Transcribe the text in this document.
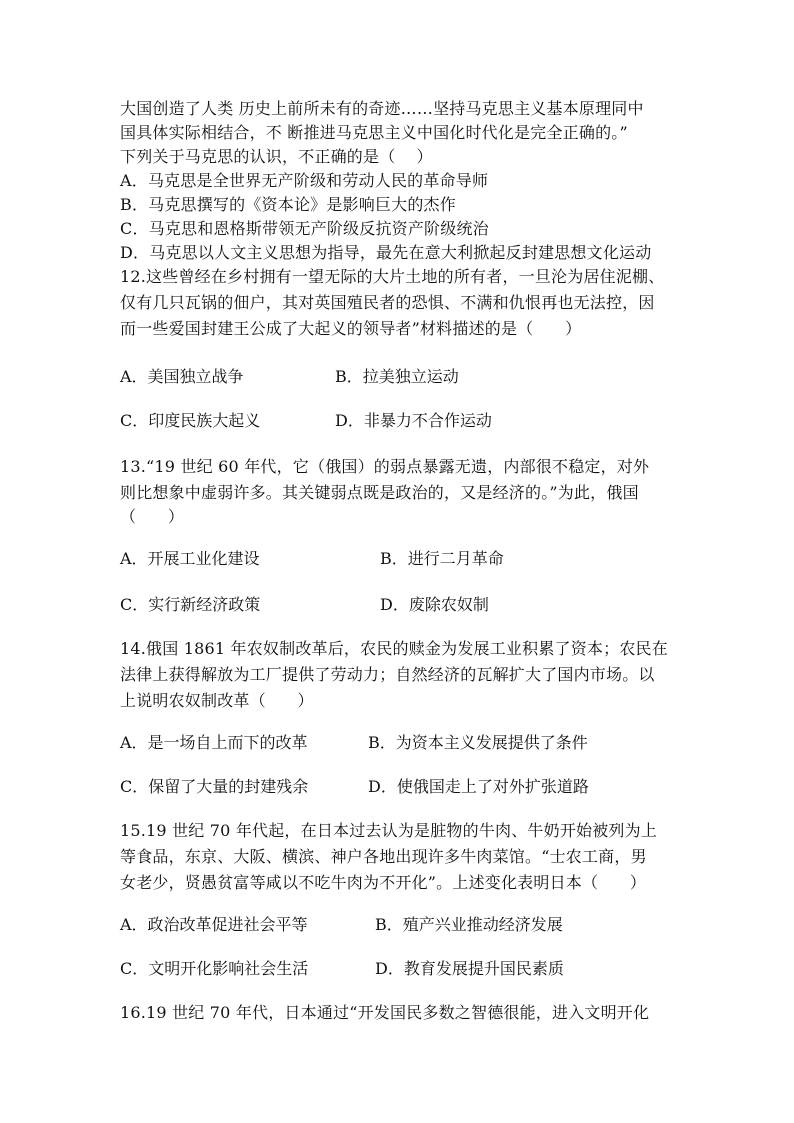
大国创造了人类 历史上前所未有的奇迹……坚持马克思主义基本原理同中
国具体实际相结合，不 断推进马克思主义中国化时代化是完全正确的。”
下列关于马克思的认识，不正确的是（    ）
A．马克思是全世界无产阶级和劳动人民的革命导师
B．马克思撰写的《资本论》是影响巨大的杰作
C．马克思和恩格斯带领无产阶级反抗资产阶级统治
D．马克思以人文主义思想为指导，最先在意大利掀起反封建思想文化运动
12.这些曾经在乡村拥有一望无际的大片土地的所有者，一旦沦为居住泥棚、
仅有几只瓦锅的佃户，其对英国殖民者的恐惧、不满和仇恨再也无法控，因
而一些爱国封建王公成了大起义的领导者”材料描述的是（      ）
A．美国独立战争	B．拉美独立运动
C．印度民族大起义	D．非暴力不合作运动
13.“19 世纪 60 年代，它（俄国）的弱点暴露无遗，内部很不稳定，对外
则比想象中虚弱许多。其关键弱点既是政治的，又是经济的。”为此，俄国
（      ）
A．开展工业化建设	B．进行二月革命
C．实行新经济政策	D．废除农奴制
14.俄国 1861 年农奴制改革后，农民的赎金为发展工业积累了资本；农民在
法律上获得解放为工厂提供了劳动力；自然经济的瓦解扩大了国内市场。以
上说明农奴制改革（      ）
A．是一场自上而下的改革	B．为资本主义发展提供了条件
C．保留了大量的封建残余	D．使俄国走上了对外扩张道路
15.19 世纪 70 年代起，在日本过去认为是脏物的牛肉、牛奶开始被列为上
等食品，东京、大阪、横滨、神户各地出现许多牛肉菜馆。“士农工商，男
女老少，贤愚贫富等咸以不吃牛肉为不开化”。上述变化表明日本（      ）
A．政治改革促进社会平等	B．殖产兴业推动经济发展
C．文明开化影响社会生活	D．教育发展提升国民素质
16.19 世纪 70 年代，日本通过“开发国民多数之智德很能，进入文明开化
